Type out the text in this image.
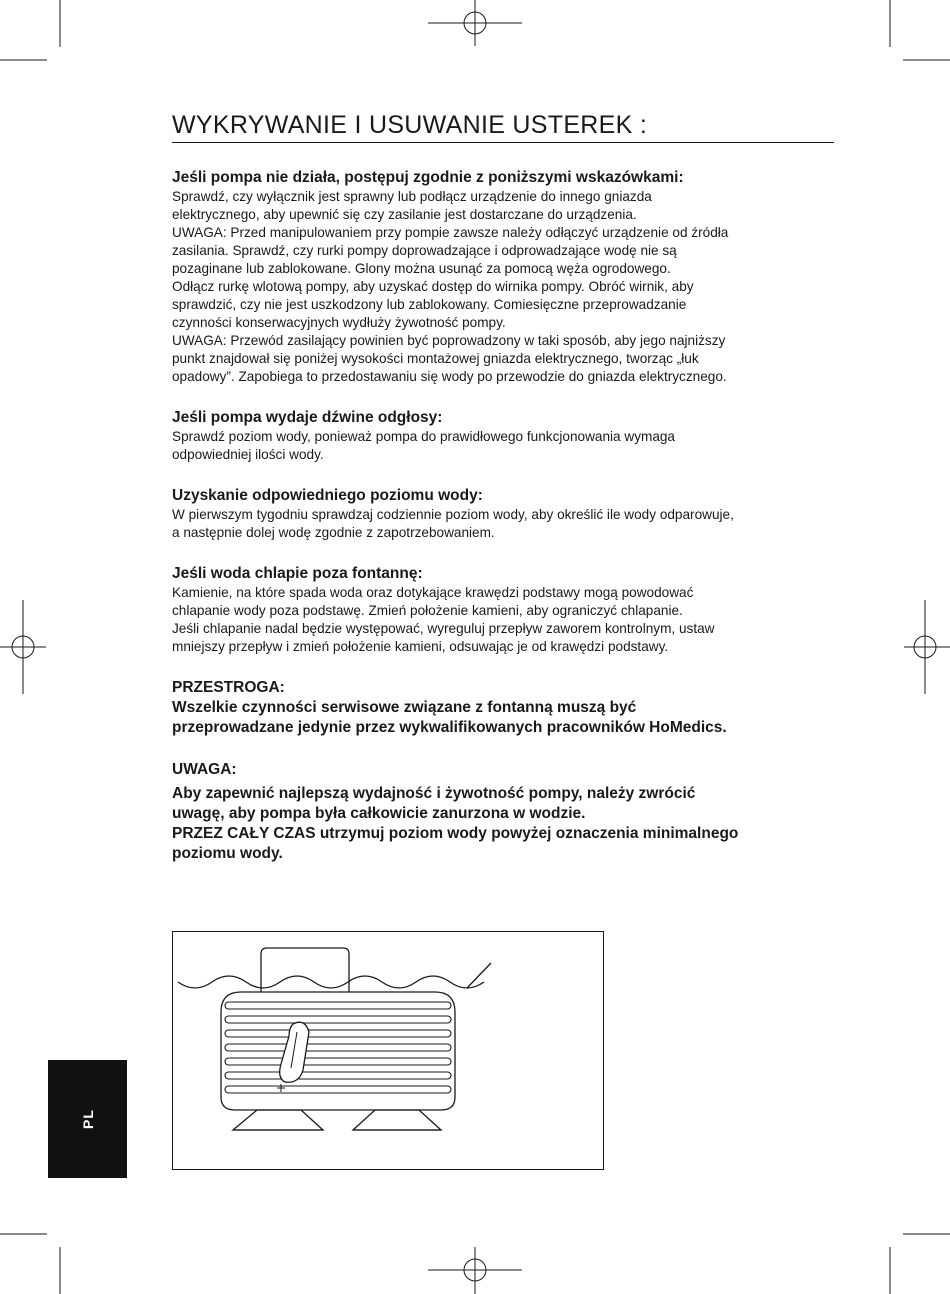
WYKRYWANIE I USUWANIE USTEREK :
Jeśli pompa nie działa, postępuj zgodnie z poniższymi wskazówkami:
Sprawdź, czy wyłącznik jest sprawny lub podłącz urządzenie do innego gniazda
elektrycznego, aby upewnić się czy zasilanie jest dostarczane do urządzenia.
UWAGA: Przed manipulowaniem przy pompie zawsze należy odłączyć urządzenie od źródła
zasilania. Sprawdź, czy rurki pompy doprowadzające i odprowadzające wodę nie są
pozaginane lub zablokowane. Glony można usunąć za pomocą węża ogrodowego.
Odłącz rurkę wlotową pompy, aby uzyskać dostęp do wirnika pompy. Obróć wirnik, aby
sprawdzić, czy nie jest uszkodzony lub zablokowany. Comiesięczne przeprowadzanie
czynności konserwacyjnych wydłuży żywotność pompy.
UWAGA: Przewód zasilający powinien być poprowadzony w taki sposób, aby jego najniższy
punkt znajdował się poniżej wysokości montażowej gniazda elektrycznego, tworząc „łuk
opadowy”. Zapobiega to przedostawaniu się wody po przewodzie do gniazda elektrycznego.
Jeśli pompa wydaje dźwine odgłosy:
Sprawdź poziom wody, ponieważ pompa do prawidłowego funkcjonowania wymaga
odpowiedniej ilości wody.
Uzyskanie odpowiedniego poziomu wody:
W pierwszym tygodniu sprawdzaj codziennie poziom wody, aby określić ile wody odparowuje,
a następnie dolej wodę zgodnie z zapotrzebowaniem.
Jeśli woda chlapie poza fontannę:
Kamienie, na które spada woda oraz dotykające krawędzi podstawy mogą powodować
chlapanie wody poza podstawę. Zmień położenie kamieni, aby ograniczyć chlapanie.
Jeśli chlapanie nadal będzie występować, wyreguluj przepływ zaworem kontrolnym, ustaw
mniejszy przepływ i zmień położenie kamieni, odsuwając je od krawędzi podstawy.
PRZESTROGA:
Wszelkie czynności serwisowe związane z fontanną muszą być
przeprowadzane jedynie przez wykwalifikowanych pracowników HoMedics.
UWAGA:
Aby zapewnić najlepszą wydajność i żywotność pompy, należy zwrócić
uwagę, aby pompa była całkowicie zanurzona w wodzie.
PRZEZ CAŁY CZAS utrzymuj poziom wody powyżej oznaczenia minimalnego
poziomu wody.
PL
